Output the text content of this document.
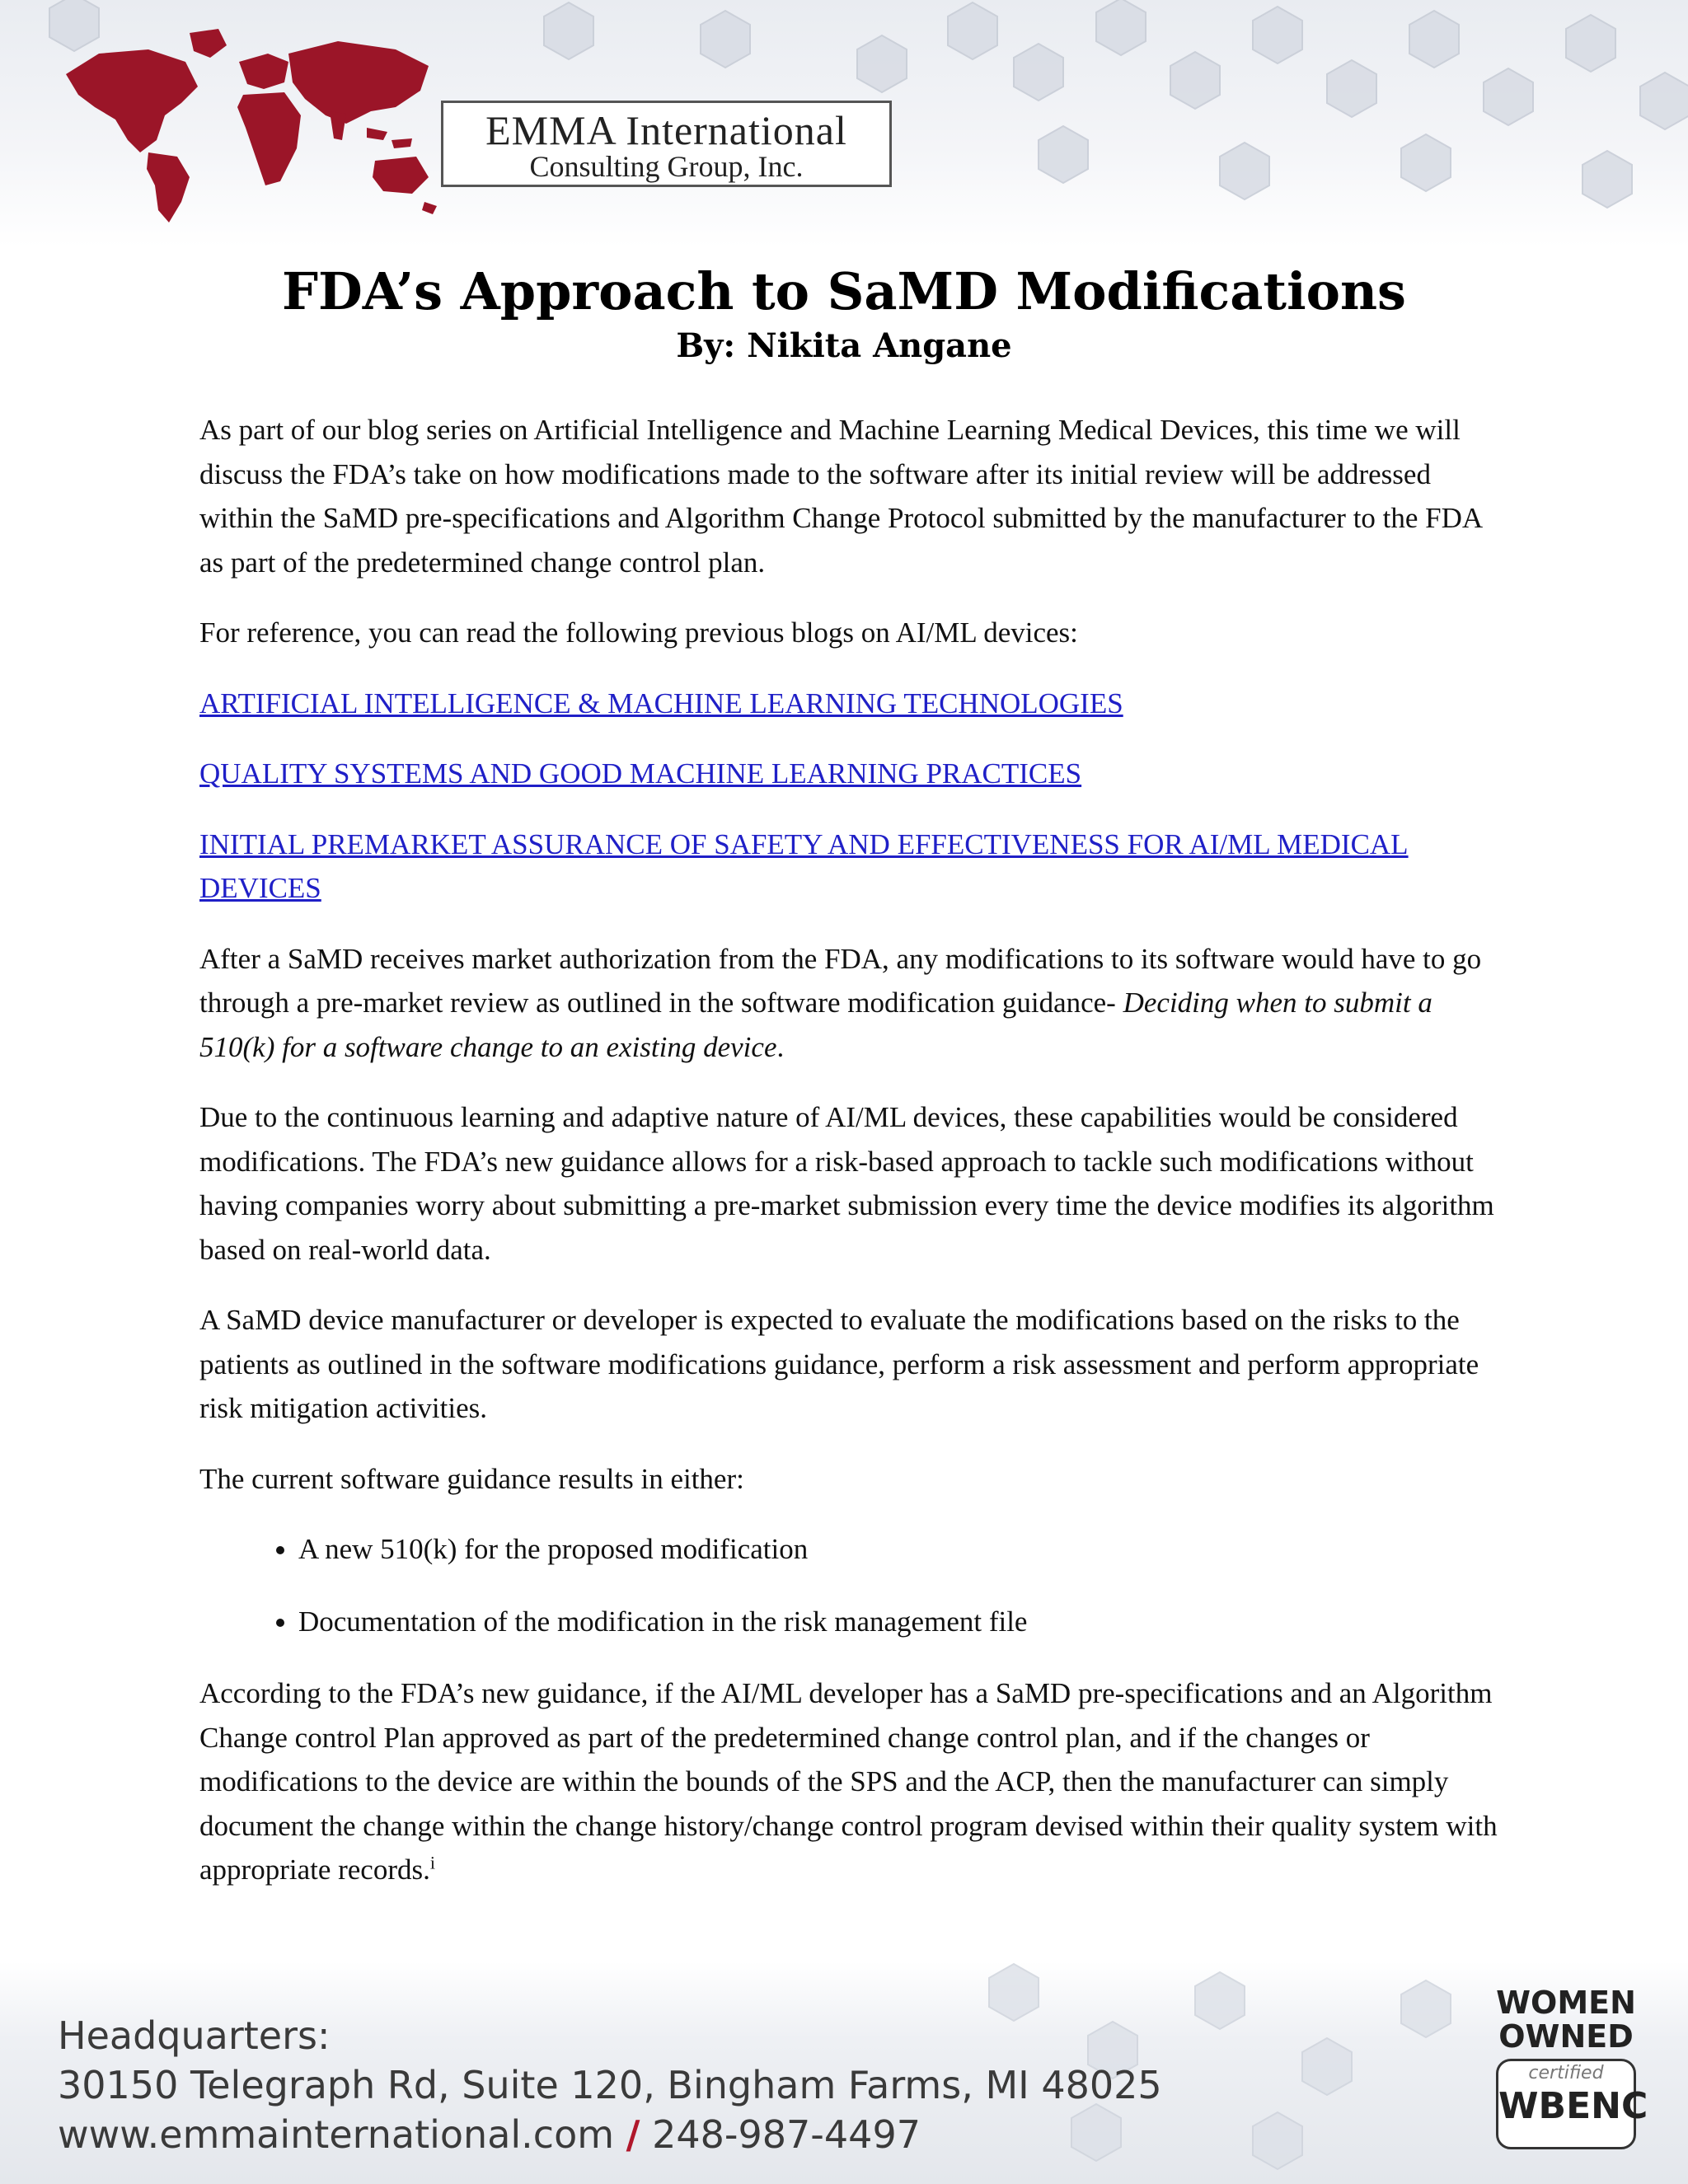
EMMA International
Consulting Group, Inc.
FDA’s Approach to SaMD Modifications
By: Nikita Angane

As part of our blog series on Artificial Intelligence and Machine Learning Medical Devices, this time we will discuss the FDA’s take on how modifications made to the software after its initial review will be addressed within the SaMD pre-specifications and Algorithm Change Protocol submitted by the manufacturer to the FDA as part of the predetermined change control plan.

For reference, you can read the following previous blogs on AI/ML devices:

ARTIFICIAL INTELLIGENCE & MACHINE LEARNING TECHNOLOGIES
QUALITY SYSTEMS AND GOOD MACHINE LEARNING PRACTICES
INITIAL PREMARKET ASSURANCE OF SAFETY AND EFFECTIVENESS FOR AI/ML MEDICAL DEVICES

After a SaMD receives market authorization from the FDA, any modifications to its software would have to go through a pre-market review as outlined in the software modification guidance- Deciding when to submit a 510(k) for a software change to an existing device.

Due to the continuous learning and adaptive nature of AI/ML devices, these capabilities would be considered modifications. The FDA’s new guidance allows for a risk-based approach to tackle such modifications without having companies worry about submitting a pre-market submission every time the device modifies its algorithm based on real-world data.

A SaMD device manufacturer or developer is expected to evaluate the modifications based on the risks to the patients as outlined in the software modifications guidance, perform a risk assessment and perform appropriate risk mitigation activities.

The current software guidance results in either:

• A new 510(k) for the proposed modification
• Documentation of the modification in the risk management file

According to the FDA’s new guidance, if the AI/ML developer has a SaMD pre-specifications and an Algorithm Change control Plan approved as part of the predetermined change control plan, and if the changes or modifications to the device are within the bounds of the SPS and the ACP, then the manufacturer can simply document the change within the change history/change control program devised within their quality system with appropriate records.$^i$

Headquarters:
30150 Telegraph Rd, Suite 120, Bingham Farms, MI 48025
www.emmainternational.com / 248-987-4497
WOMEN
OWNED
certified
WBENC
